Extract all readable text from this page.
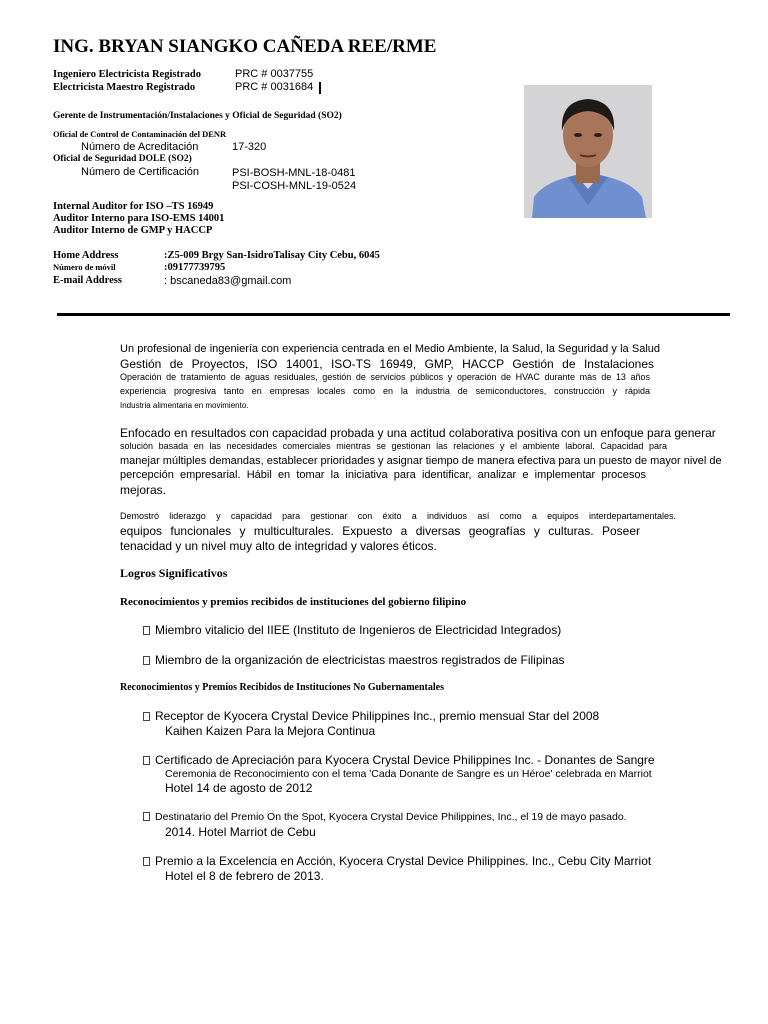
ING. BRYAN SIANGKO CAÑEDA REE/RME
Ingeniero Electricista Registrado	PRC # 0037755
Electricista Maestro Registrado	PRC # 0031684
Gerente de Instrumentación/Instalaciones y Oficial de Seguridad (SO2)
Oficial de Control de Contaminación del DENR
Número de Acreditación	17-320
Oficial de Seguridad DOLE (SO2)
Número de Certificación	PSI-BOSH-MNL-18-0481
PSI-COSH-MNL-19-0524
Internal Auditor for ISO –TS 16949
Auditor Interno para ISO-EMS 14001
Auditor Interno de GMP y HACCP
Home Address	:Z5-009 Brgy San-IsidroTalisay City Cebu, 6045
Número de móvil	:09177739795
E-mail Address	: bscaneda83@gmail.com
Un profesional de ingeniería con experiencia centrada en el Medio Ambiente, la Salud, la Seguridad y la Salud
Gestión de Proyectos, ISO 14001, ISO-TS 16949, GMP, HACCP Gestión de Instalaciones
Operación de tratamiento de aguas residuales, gestión de servicios públicos y operación de HVAC durante más de 13 años
experiencia progresiva tanto en empresas locales como en la industria de semiconductores, construcción y rápida
Industria alimentaria en movimiento.
Enfocado en resultados con capacidad probada y una actitud colaborativa positiva con un enfoque para generar
solución basada en las necesidades comerciales mientras se gestionan las relaciones y el ambiente laboral. Capacidad para
manejar múltiples demandas, establecer prioridades y asignar tiempo de manera efectiva para un puesto de mayor nivel de
percepción empresarial. Hábil en tomar la iniciativa para identificar, analizar e implementar procesos
mejoras.
Demostró liderazgo y capacidad para gestionar con éxito a individuos así como a equipos interdepartamentales.
equipos funcionales y multiculturales. Expuesto a diversas geografías y culturas. Poseer
tenacidad y un nivel muy alto de integridad y valores éticos.
Logros Significativos
Reconocimientos y premios recibidos de instituciones del gobierno filipino
Miembro vitalicio del IIEE (Instituto de Ingenieros de Electricidad Integrados)
Miembro de la organización de electricistas maestros registrados de Filipinas
Reconocimientos y Premios Recibidos de Instituciones No Gubernamentales
Receptor de Kyocera Crystal Device Philippines Inc., premio mensual Star del 2008
Kaihen Kaizen Para la Mejora Continua
Certificado de Apreciación para Kyocera Crystal Device Philippines Inc. - Donantes de Sangre
Ceremonia de Reconocimiento con el tema 'Cada Donante de Sangre es un Héroe' celebrada en Marriot
Hotel 14 de agosto de 2012
Destinatario del Premio On the Spot, Kyocera Crystal Device Philippines, Inc., el 19 de mayo pasado.
2014. Hotel Marriot de Cebu
Premio a la Excelencia en Acción, Kyocera Crystal Device Philippines. Inc., Cebu City Marriot
Hotel el 8 de febrero de 2013.
